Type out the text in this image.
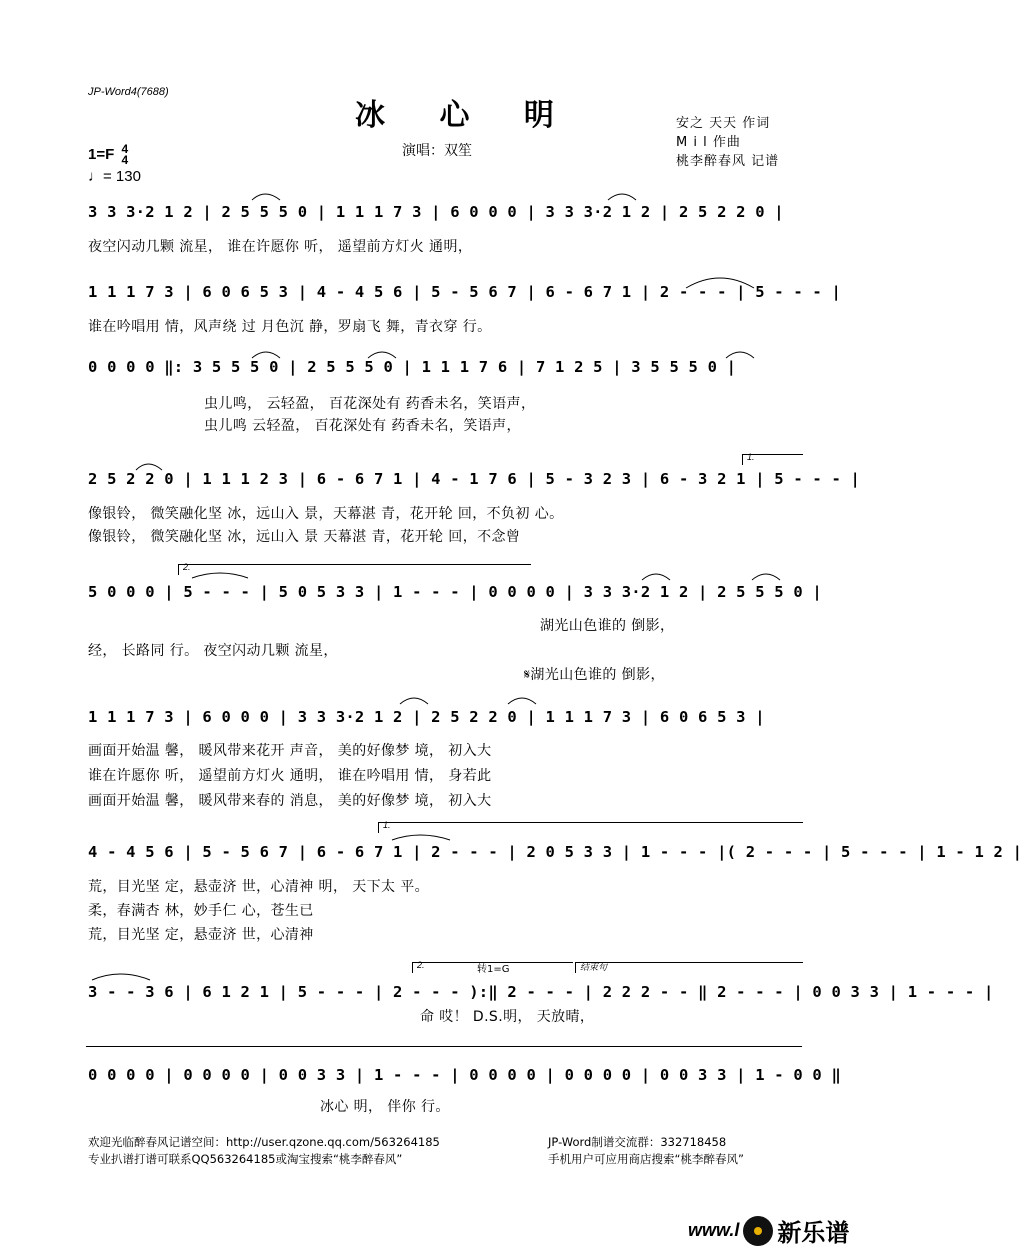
JP-Word4(7688)
冰 心 明	安之 天天 作词
M i l 作曲
桃李醉春风 记谱
1=F 4
4
♩= 130
演唱：双笙
3 3 3·2 1 2 | 2 5 5 5 0 | 1 1 1 7 3 | 6 0 0 0 | 3 3 3·2 1 2 | 2 5 2 2 0 |
夜空闪动几颗 流星， 谁在许愿你 听， 遥望前方灯火 通明，
1 1 1 7 3 | 6 0 6 5 3 | 4 - 4 5 6 | 5 - 5 6 7 | 6 - 6 7 1 | 2 - - - | 5 - - - |
谁在吟唱用 情，风声绕 过 月色沉 静，罗扇飞 舞，青衣穿 行。
0 0 0 0 ‖: 3 5 5 5 0 | 2 5 5 5 0 | 1 1 1 7 6 | 7 1 2 5 | 3 5 5 5 0 |
虫儿鸣， 云轻盈， 百花深处有 药香未名，笑语声，
虫儿鸣 云轻盈， 百花深处有 药香未名，笑语声，
2 5 2 2 0 | 1 1 1 2 3 | 6 - 6 7 1 | 4 - 1 7 6 | 5 - 3 2 3 | 6 - 3 2 1 | 5 - - - |
像银铃， 微笑融化坚 冰，远山入 景，天幕湛 青，花开轮 回，不负初 心。
像银铃， 微笑融化坚 冰，远山入 景 天幕湛 青，花开轮 回，不念曾
5 0 0 0 | 5 - - - | 5 0 5 3 3 | 1 - - - | 0 0 0 0 | 3 3 3·2 1 2 | 2 5 5 5 0 |
湖光山色谁的 倒影，
经， 长路同 行。 夜空闪动几颗 流星，
𝄋湖光山色谁的 倒影，
1 1 1 7 3 | 6 0 0 0 | 3 3 3·2 1 2 | 2 5 2 2 0 | 1 1 1 7 3 | 6 0 6 5 3 |
画面开始温 馨， 暖风带来花开 声音， 美的好像梦 境， 初入大
谁在许愿你 听， 遥望前方灯火 通明， 谁在吟唱用 情， 身若此
画面开始温 馨， 暖风带来春的 消息， 美的好像梦 境， 初入大
4 - 4 5 6 | 5 - 5 6 7 | 6 - 6 7 1 | 2 - - - | 2 0 5 3 3 | 1 - - - |( 2 - - - | 5 - - - | 1 - 1 2 |
荒，目光坚 定，悬壶济 世，心清神 明， 天下太 平。
柔，春满杏 林，妙手仁 心，苍生已
荒，目光坚 定，悬壶济 世，心清神
3 - - 3 6 | 6 1 2 1 | 5 - - - | 2 - - - ):‖ 2 - - - | 2 2 2 - - ‖ 2 - - - | 0 0 3 3 | 1 - - - |
命 哎！ D.S.明， 天放晴，
0 0 0 0 | 0 0 0 0 | 0 0 3 3 | 1 - - - | 0 0 0 0 | 0 0 0 0 | 0 0 3 3 | 1 - 0 0 ‖
冰心 明， 伴你 行。
1.
2.
1.
2.	转1=G	结束句
欢迎光临醉春风记谱空间：http://user.qzone.qq.com/563264185	JP-Word制谱交流群：332718458
专业扒谱打谱可联系QQ563264185或淘宝搜索“桃李醉春风”	手机用户可应用商店搜索“桃李醉春风”
www.l 新乐谱
